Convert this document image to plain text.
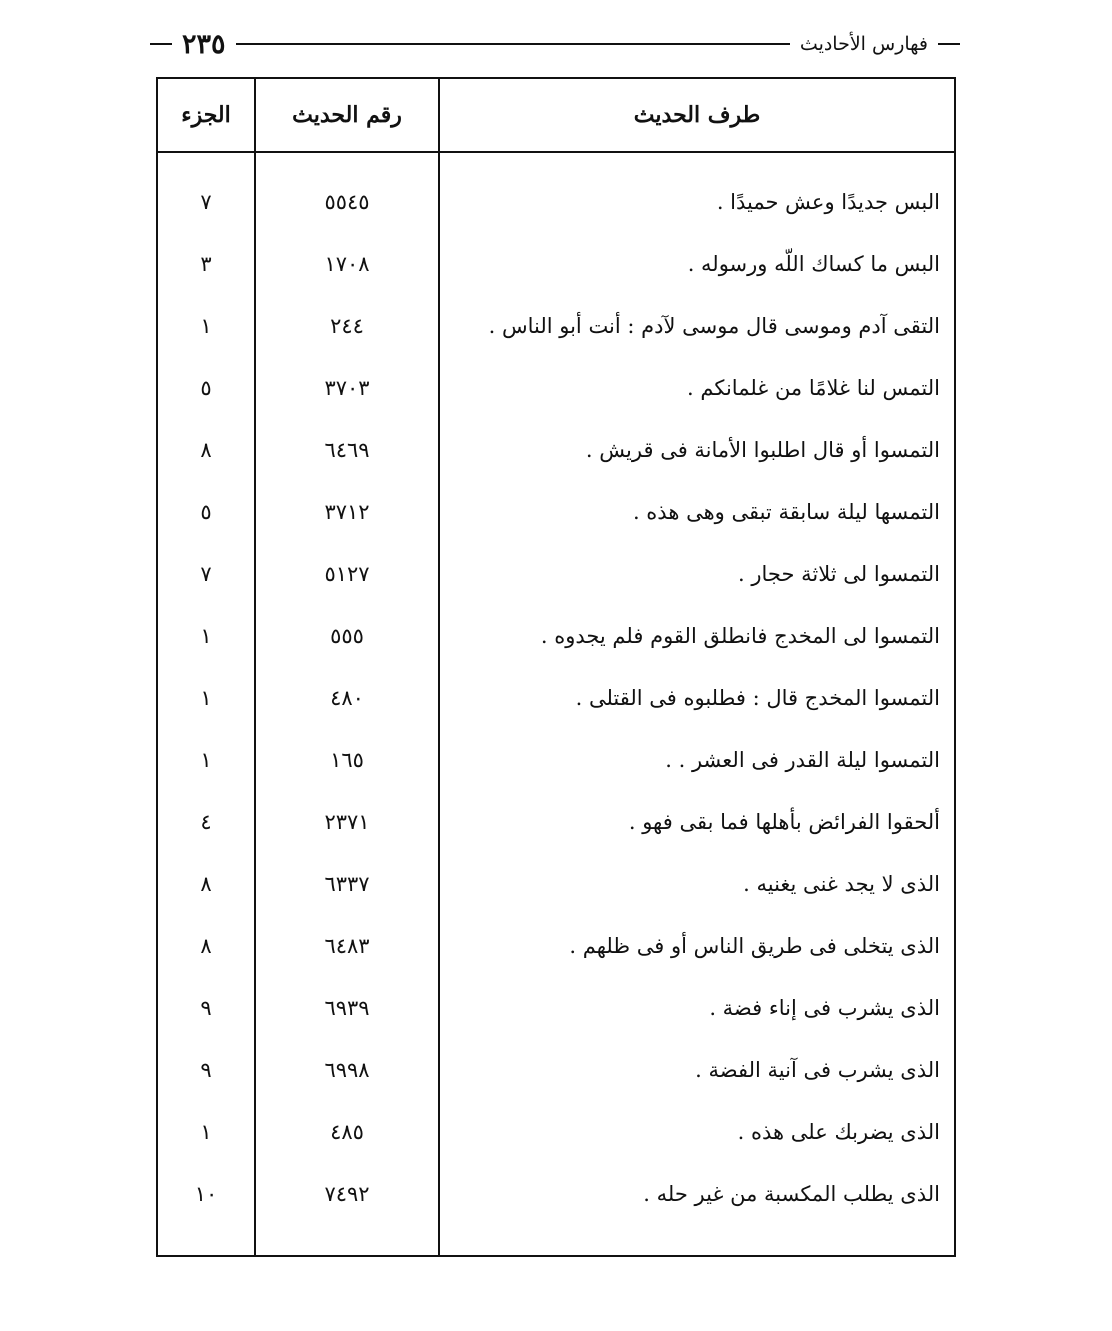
فهارس الأحاديث
٢٣٥
طرف الحديث
رقم الحديث
الجزء
البس جديدًا وعش حميدًا .
٥٥٤٥
٧
البس ما كساك اللّه ورسوله .
١٧٠٨
٣
التقى آدم وموسى قال موسى لآدم : أنت أبو الناس .
٢٤٤
١
التمس لنا غلامًا من غلمانكم .
٣٧٠٣
٥
التمسوا أو قال اطلبوا الأمانة فى قريش .
٦٤٦٩
٨
التمسها ليلة سابقة تبقى وهى هذه .
٣٧١٢
٥
التمسوا لى ثلاثة حجار .
٥١٢٧
٧
التمسوا لى المخدج فانطلق القوم فلم يجدوه .
٥٥٥
١
التمسوا المخدج قال : فطلبوه فى القتلى .
٤٨٠
١
التمسوا ليلة القدر فى العشر . .
١٦٥
١
ألحقوا الفرائض بأهلها فما بقى فهو .
٢٣٧١
٤
الذى لا يجد غنى يغنيه .
٦٣٣٧
٨
الذى يتخلى فى طريق الناس أو فى ظلهم .
٦٤٨٣
٨
الذى يشرب فى إناء فضة .
٦٩٣٩
٩
الذى يشرب فى آنية الفضة .
٦٩٩٨
٩
الذى يضربك على هذه .
٤٨٥
١
الذى يطلب المكسبة من غير حله .
٧٤٩٢
١٠
